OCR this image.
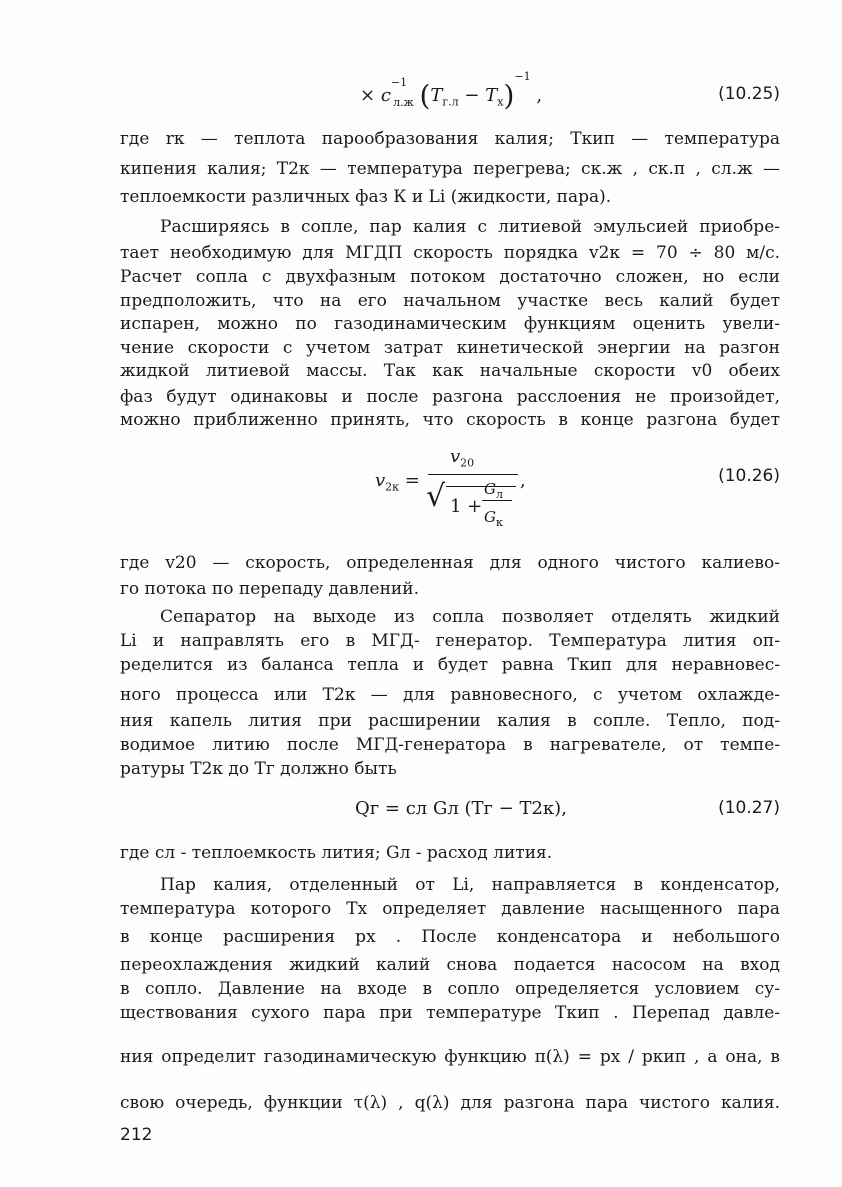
× $c^{-1}_{л.ж}$ $(T_{г.л} - T_х)^{-1}$ ,	(10.25)
где rк — теплота парообразования калия; Tкип — температура
кипения калия; T2к — температура перегрева; cк.ж , cк.п , cл.ж —
теплоемкости различных фаз К и Li (жидкости, пара).
Расширяясь в сопле, пар калия с литиевой эмульсией приобре-
тает необходимую для МГДП скорость порядка v2к = 70 ÷ 80 м/с.
Расчет сопла с двухфазным потоком достаточно сложен, но если
предположить, что на его начальном участке весь калий будет
испарен, можно по газодинамическим функциям оценить увели-
чение скорости с учетом затрат кинетической энергии на разгон
жидкой литиевой массы. Так как начальные скорости v0 обеих
фаз будут одинаковы и после разгона расслоения не произойдет,
можно приближенно принять, что скорость в конце разгона будет
$v_{20}$
$v_{2к}$ = √ 1 +
$G_л$
$G_к$
,	(10.26)
где v20 — скорость, определенная для одного чистого калиево-
го потока по перепаду давлений.
Сепаратор на выходе из сопла позволяет отделять жидкий
Li и направлять его в МГД- генератор. Температура лития оп-
ределится из баланса тепла и будет равна Tкип для неравновес-
ного процесса или T2к — для равновесного, с учетом охлажде-
ния капель лития при расширении калия в сопле. Тепло, под-
водимое литию после МГД-генератора в нагревателе, от темпе-
ратуры T2к до Tг должно быть
Qг = cл Gл (Tг − T2к),	(10.27)
где cл - теплоемкость лития; Gл - расход лития.
Пар калия, отделенный от Li, направляется в конденсатор,
температура которого Tх определяет давление насыщенного пара
в конце расширения pх . После конденсатора и небольшого
переохлаждения жидкий калий снова подается насосом на вход
в сопло. Давление на входе в сопло определяется условием су-
ществования сухого пара при температуре Tкип . Перепад давле-
ния определит газодинамическую функцию π(λ) = pх / pкип , а она, в
свою очередь, функции τ(λ) , q(λ) для разгона пара чистого калия.
212
